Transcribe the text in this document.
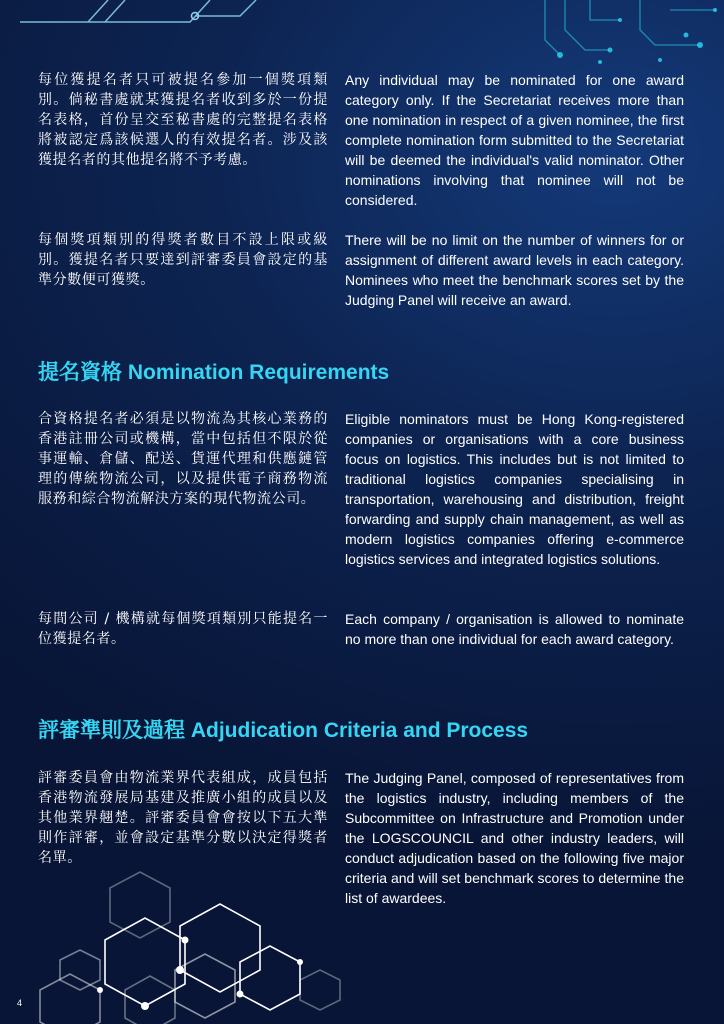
每位獲提名者只可被提名參加一個獎項類別。倘秘書處就某獲提名者收到多於一份提名表格，首份呈交至秘書處的完整提名表格將被認定爲該候選人的有效提名者。涉及該獲提名者的其他提名將不予考慮。
Any individual may be nominated for one award category only. If the Secretariat receives more than one nomination in respect of a given nominee, the first complete nomination form submitted to the Secretariat will be deemed the individual's valid nominator. Other nominations involving that nominee will not be considered.
每個獎項類別的得獎者數目不設上限或級別。獲提名者只要達到評審委員會設定的基準分數便可獲獎。
There will be no limit on the number of winners for or assignment of different award levels in each category. Nominees who meet the benchmark scores set by the Judging Panel will receive an award.
提名資格 Nomination Requirements
合資格提名者必須是以物流為其核心業務的香港註冊公司或機構，當中包括但不限於從事運輸、倉儲、配送、貨運代理和供應鏈管理的傳統物流公司，以及提供電子商務物流服務和綜合物流解決方案的現代物流公司。
Eligible nominators must be Hong Kong-registered companies or organisations with a core business focus on logistics. This includes but is not limited to traditional logistics companies specialising in transportation, warehousing and distribution, freight forwarding and supply chain management, as well as modern logistics companies offering e-commerce logistics services and integrated logistics solutions.
每間公司 / 機構就每個獎項類別只能提名一位獲提名者。
Each company / organisation is allowed to nominate no more than one individual for each award category.
評審準則及過程 Adjudication Criteria and Process
評審委員會由物流業界代表組成，成員包括香港物流發展局基建及推廣小組的成員以及其他業界翹楚。評審委員會會按以下五大準則作評審，並會設定基準分數以決定得獎者名單。
The Judging Panel, composed of representatives from the logistics industry, including members of the Subcommittee on Infrastructure and Promotion under the LOGSCOUNCIL and other industry leaders, will conduct adjudication based on the following five major criteria and will set benchmark scores to determine the list of awardees.
4
